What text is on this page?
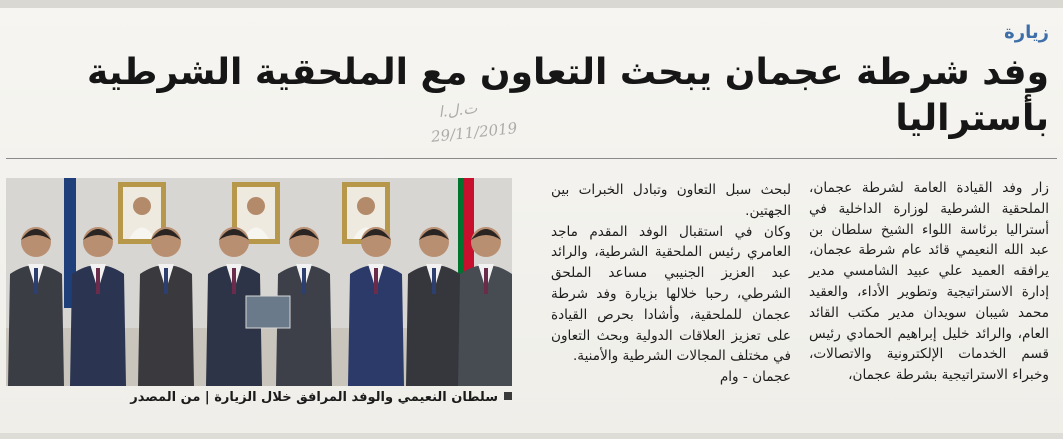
زيارة
وفد شرطة عجمان يبحث التعاون مع الملحقية الشرطية بأستراليا
ت.ل.ا
29/11/2019

زار وفد القيادة العامة لشرطة عجمان، الملحقية الشرطية لوزارة الداخلية في أستراليا برئاسة اللواء الشيخ سلطان بن عبد الله النعيمي قائد عام شرطة عجمان، يرافقه العميد علي عبيد الشامسي مدير إدارة الاستراتيجية وتطوير الأداء، والعقيد محمد شيبان سويدان مدير مكتب القائد العام، والرائد خليل إبراهيم الحمادي رئيس قسم الخدمات الإلكترونية والاتصالات، وخبراء الاستراتيجية بشرطة عجمان،

لبحث سبل التعاون وتبادل الخبرات بين الجهتين.

وكان في استقبال الوفد المقدم ماجد العامري رئيس الملحقية الشرطية، والرائد عبد العزيز الجنيبي مساعد الملحق الشرطي، رحبا خلالها بزيارة وفد شرطة عجمان للملحقية، وأشادا بحرص القيادة على تعزيز العلاقات الدولية وبحث التعاون في مختلف المجالات الشرطية والأمنية.

عجمان - وام

سلطان النعيمي والوفد المرافق خلال الزيارة | من المصدر
